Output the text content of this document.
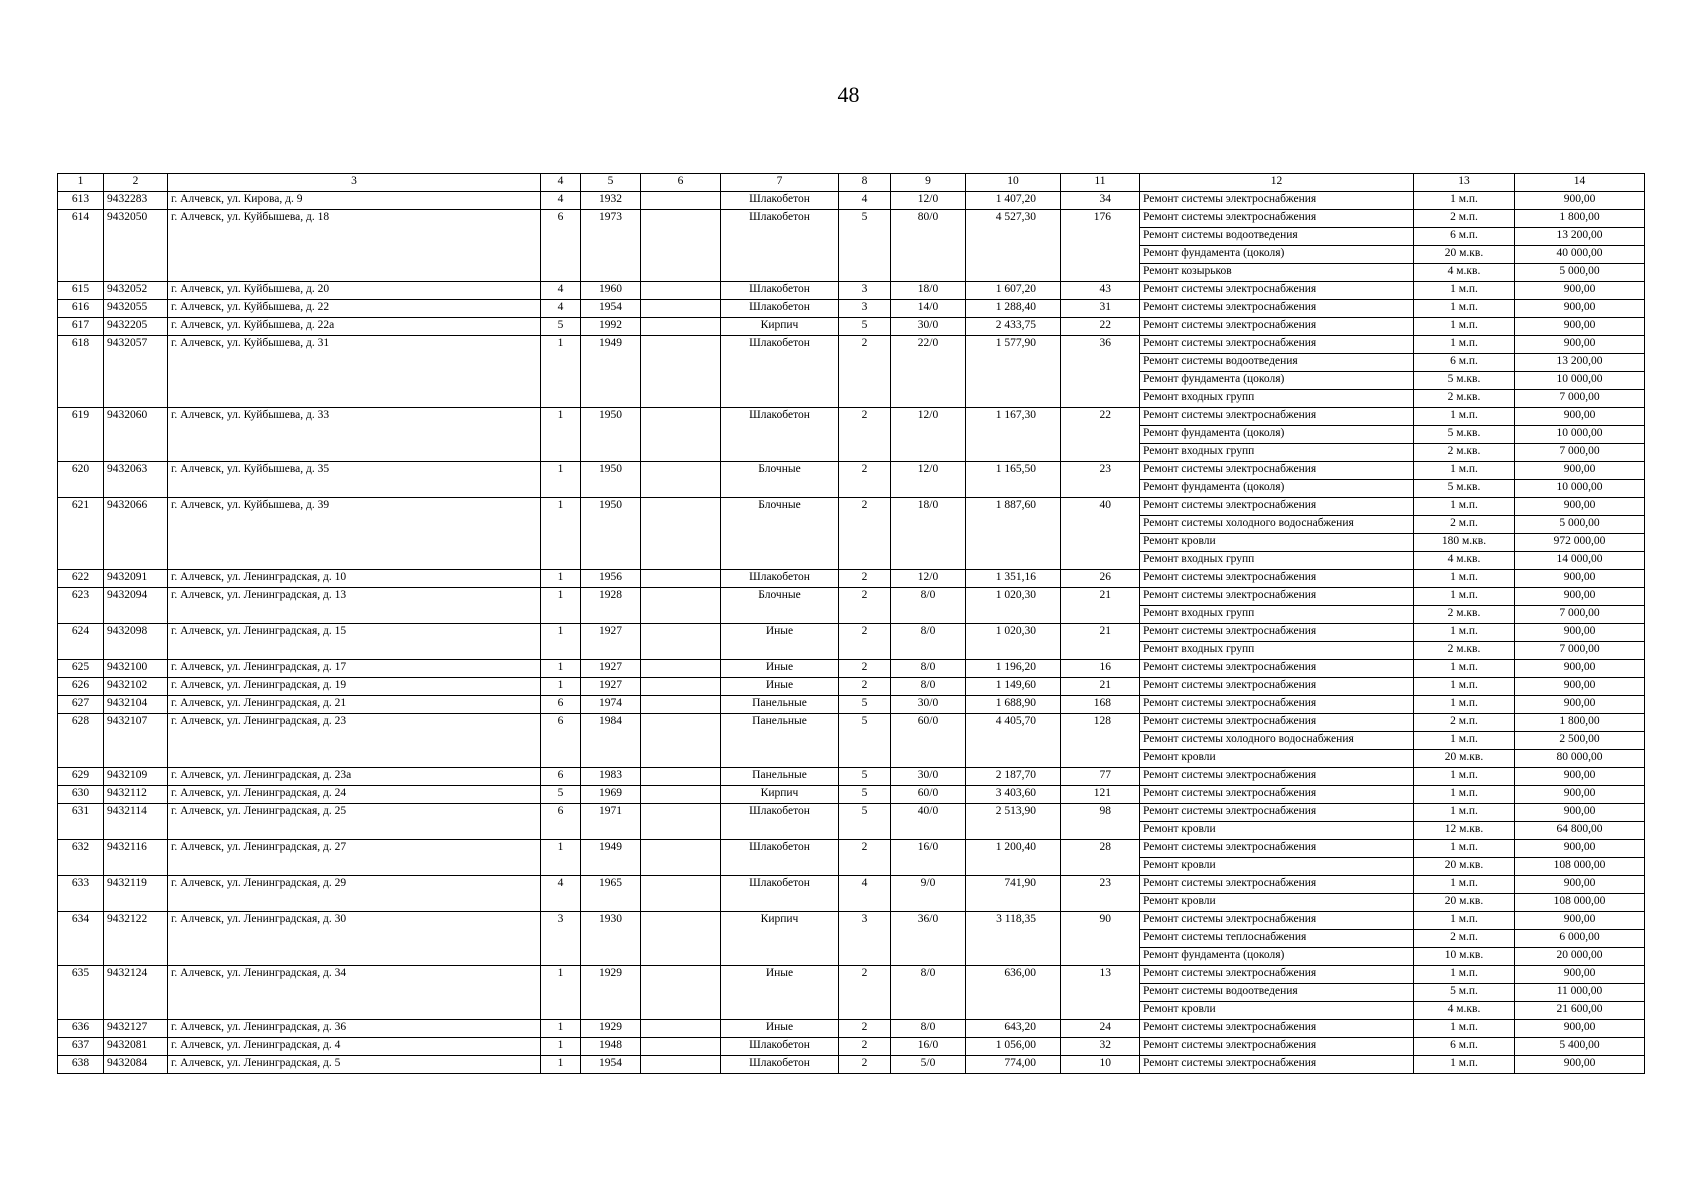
48
1	2	3	4	5	6	7	8	9	10	11	12	13	14
613	9432283	г. Алчевск, ул. Кирова, д. 9	4	1932		Шлакобетон	4	12/0	1 407,20	34	Ремонт системы электроснабжения	1 м.п.	900,00
614	9432050	г. Алчевск, ул. Куйбышева, д. 18	6	1973		Шлакобетон	5	80/0	4 527,30	176	Ремонт системы электроснабжения	2 м.п.	1 800,00
											Ремонт системы водоотведения	6 м.п.	13 200,00
											Ремонт фундамента (цоколя)	20 м.кв.	40 000,00
											Ремонт козырьков	4 м.кв.	5 000,00
615	9432052	г. Алчевск, ул. Куйбышева, д. 20	4	1960		Шлакобетон	3	18/0	1 607,20	43	Ремонт системы электроснабжения	1 м.п.	900,00
616	9432055	г. Алчевск, ул. Куйбышева, д. 22	4	1954		Шлакобетон	3	14/0	1 288,40	31	Ремонт системы электроснабжения	1 м.п.	900,00
617	9432205	г. Алчевск, ул. Куйбышева, д. 22а	5	1992		Кирпич	5	30/0	2 433,75	22	Ремонт системы электроснабжения	1 м.п.	900,00
618	9432057	г. Алчевск, ул. Куйбышева, д. 31	1	1949		Шлакобетон	2	22/0	1 577,90	36	Ремонт системы электроснабжения	1 м.п.	900,00
											Ремонт системы водоотведения	6 м.п.	13 200,00
											Ремонт фундамента (цоколя)	5 м.кв.	10 000,00
											Ремонт входных групп	2 м.кв.	7 000,00
619	9432060	г. Алчевск, ул. Куйбышева, д. 33	1	1950		Шлакобетон	2	12/0	1 167,30	22	Ремонт системы электроснабжения	1 м.п.	900,00
											Ремонт фундамента (цоколя)	5 м.кв.	10 000,00
											Ремонт входных групп	2 м.кв.	7 000,00
620	9432063	г. Алчевск, ул. Куйбышева, д. 35	1	1950		Блочные	2	12/0	1 165,50	23	Ремонт системы электроснабжения	1 м.п.	900,00
											Ремонт фундамента (цоколя)	5 м.кв.	10 000,00
621	9432066	г. Алчевск, ул. Куйбышева, д. 39	1	1950		Блочные	2	18/0	1 887,60	40	Ремонт системы электроснабжения	1 м.п.	900,00
											Ремонт системы холодного водоснабжения	2 м.п.	5 000,00
											Ремонт кровли	180 м.кв.	972 000,00
											Ремонт входных групп	4 м.кв.	14 000,00
622	9432091	г. Алчевск, ул. Ленинградская, д. 10	1	1956		Шлакобетон	2	12/0	1 351,16	26	Ремонт системы электроснабжения	1 м.п.	900,00
623	9432094	г. Алчевск, ул. Ленинградская, д. 13	1	1928		Блочные	2	8/0	1 020,30	21	Ремонт системы электроснабжения	1 м.п.	900,00
											Ремонт входных групп	2 м.кв.	7 000,00
624	9432098	г. Алчевск, ул. Ленинградская, д. 15	1	1927		Иные	2	8/0	1 020,30	21	Ремонт системы электроснабжения	1 м.п.	900,00
											Ремонт входных групп	2 м.кв.	7 000,00
625	9432100	г. Алчевск, ул. Ленинградская, д. 17	1	1927		Иные	2	8/0	1 196,20	16	Ремонт системы электроснабжения	1 м.п.	900,00
626	9432102	г. Алчевск, ул. Ленинградская, д. 19	1	1927		Иные	2	8/0	1 149,60	21	Ремонт системы электроснабжения	1 м.п.	900,00
627	9432104	г. Алчевск, ул. Ленинградская, д. 21	6	1974		Панельные	5	30/0	1 688,90	168	Ремонт системы электроснабжения	1 м.п.	900,00
628	9432107	г. Алчевск, ул. Ленинградская, д. 23	6	1984		Панельные	5	60/0	4 405,70	128	Ремонт системы электроснабжения	2 м.п.	1 800,00
											Ремонт системы холодного водоснабжения	1 м.п.	2 500,00
											Ремонт кровли	20 м.кв.	80 000,00
629	9432109	г. Алчевск, ул. Ленинградская, д. 23а	6	1983		Панельные	5	30/0	2 187,70	77	Ремонт системы электроснабжения	1 м.п.	900,00
630	9432112	г. Алчевск, ул. Ленинградская, д. 24	5	1969		Кирпич	5	60/0	3 403,60	121	Ремонт системы электроснабжения	1 м.п.	900,00
631	9432114	г. Алчевск, ул. Ленинградская, д. 25	6	1971		Шлакобетон	5	40/0	2 513,90	98	Ремонт системы электроснабжения	1 м.п.	900,00
											Ремонт кровли	12 м.кв.	64 800,00
632	9432116	г. Алчевск, ул. Ленинградская, д. 27	1	1949		Шлакобетон	2	16/0	1 200,40	28	Ремонт системы электроснабжения	1 м.п.	900,00
											Ремонт кровли	20 м.кв.	108 000,00
633	9432119	г. Алчевск, ул. Ленинградская, д. 29	4	1965		Шлакобетон	4	9/0	741,90	23	Ремонт системы электроснабжения	1 м.п.	900,00
											Ремонт кровли	20 м.кв.	108 000,00
634	9432122	г. Алчевск, ул. Ленинградская, д. 30	3	1930		Кирпич	3	36/0	3 118,35	90	Ремонт системы электроснабжения	1 м.п.	900,00
											Ремонт системы теплоснабжения	2 м.п.	6 000,00
											Ремонт фундамента (цоколя)	10 м.кв.	20 000,00
635	9432124	г. Алчевск, ул. Ленинградская, д. 34	1	1929		Иные	2	8/0	636,00	13	Ремонт системы электроснабжения	1 м.п.	900,00
											Ремонт системы водоотведения	5 м.п.	11 000,00
											Ремонт кровли	4 м.кв.	21 600,00
636	9432127	г. Алчевск, ул. Ленинградская, д. 36	1	1929		Иные	2	8/0	643,20	24	Ремонт системы электроснабжения	1 м.п.	900,00
637	9432081	г. Алчевск, ул. Ленинградская, д. 4	1	1948		Шлакобетон	2	16/0	1 056,00	32	Ремонт системы электроснабжения	6 м.п.	5 400,00
638	9432084	г. Алчевск, ул. Ленинградская, д. 5	1	1954		Шлакобетон	2	5/0	774,00	10	Ремонт системы электроснабжения	1 м.п.	900,00
